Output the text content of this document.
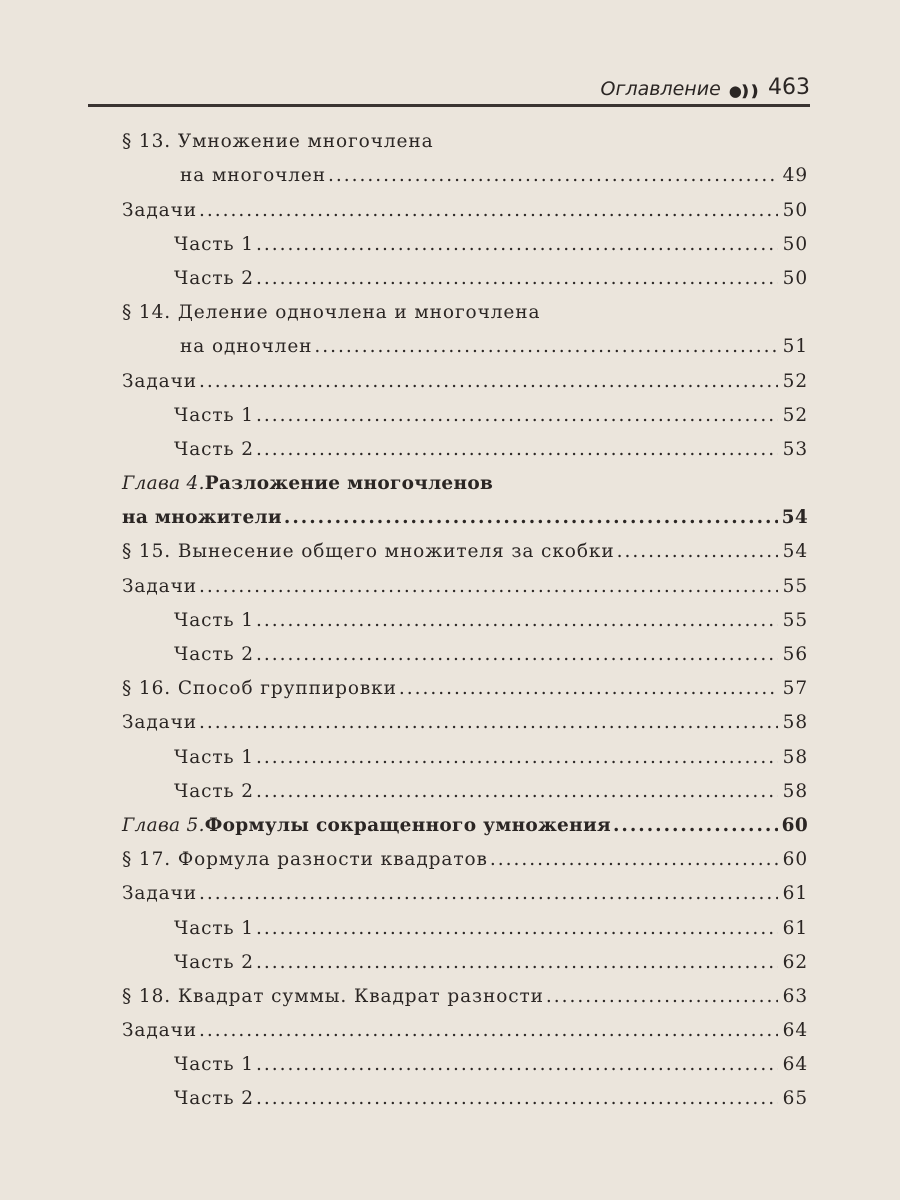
Оглавление ●❫❫ 463
§ 13. Умножение многочлена
на многочлен .....	49
Задачи .....	50
Часть 1 .....	50
Часть 2 .....	50
§ 14. Деление одночлена и многочлена
на одночлен .....	51
Задачи .....	52
Часть 1 .....	52
Часть 2 .....	53
Глава 4. Разложение многочленов
на множители .....	54
§ 15. Вынесение общего множителя за скобки .....	54
Задачи .....	55
Часть 1 .....	55
Часть 2 .....	56
§ 16. Способ группировки .....	57
Задачи .....	58
Часть 1 .....	58
Часть 2 .....	58
Глава 5. Формулы сокращенного умножения .....	60
§ 17. Формула разности квадратов .....	60
Задачи .....	61
Часть 1 .....	61
Часть 2 .....	62
§ 18. Квадрат суммы. Квадрат разности .....	63
Задачи .....	64
Часть 1 .....	64
Часть 2 .....	65
